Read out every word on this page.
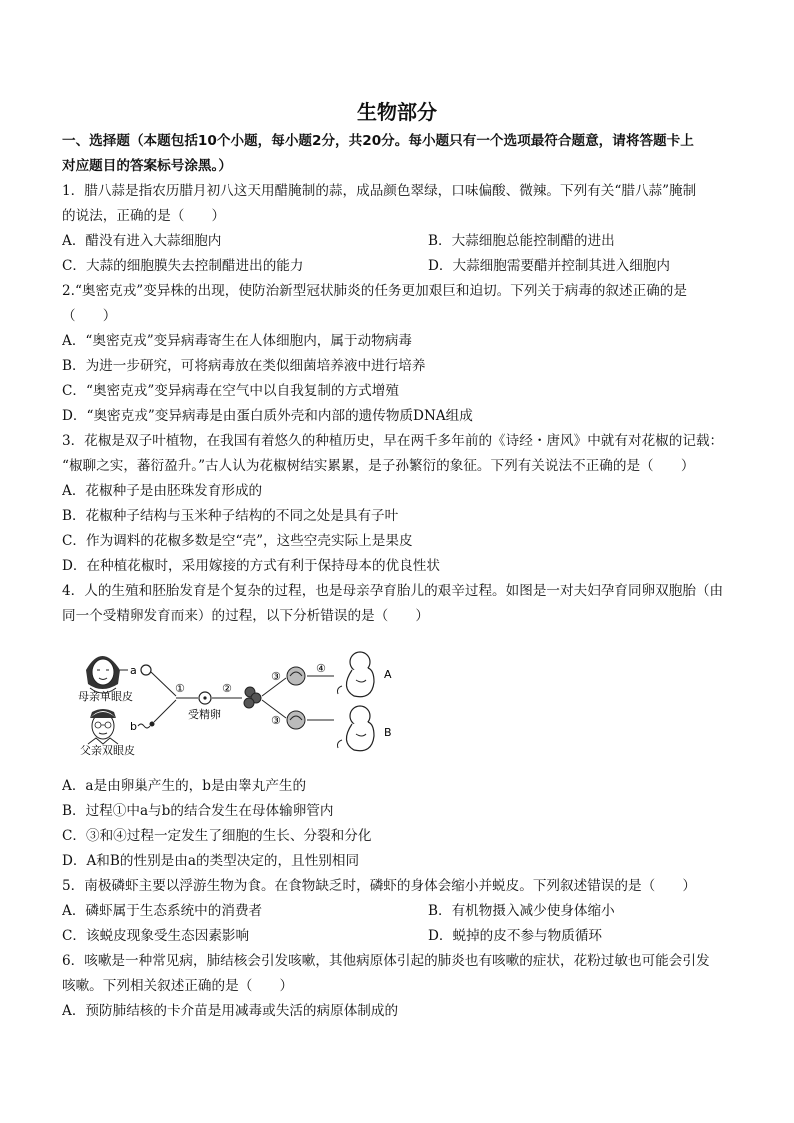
生物部分
一、选择题（本题包括10个小题，每小题2分，共20分。每小题只有一个选项最符合题意，请将答题卡上
对应题目的答案标号涂黑。）
1．腊八蒜是指农历腊月初八这天用醋腌制的蒜，成品颜色翠绿，口味偏酸、微辣。下列有关“腊八蒜”腌制
的说法，正确的是（　　）
A．醋没有进入大蒜细胞内	B．大蒜细胞总能控制醋的进出
C．大蒜的细胞膜失去控制醋进出的能力	D．大蒜细胞需要醋并控制其进入细胞内
2.“奥密克戎”变异株的出现，使防治新型冠状肺炎的任务更加艰巨和迫切。下列关于病毒的叙述正确的是
（　　）
A．“奥密克戎”变异病毒寄生在人体细胞内，属于动物病毒
B．为进一步研究，可将病毒放在类似细菌培养液中进行培养
C．“奥密克戎”变异病毒在空气中以自我复制的方式增殖
D．“奥密克戎”变异病毒是由蛋白质外壳和内部的遗传物质DNA组成
3．花椒是双子叶植物，在我国有着悠久的种植历史，早在两千多年前的《诗经・唐风》中就有对花椒的记载：
“椒聊之实，蕃衍盈升。”古人认为花椒树结实累累，是子孙繁衍的象征。下列有关说法不正确的是（　　）
A．花椒种子是由胚珠发育形成的
B．花椒种子结构与玉米种子结构的不同之处是具有子叶
C．作为调料的花椒多数是空“壳”，这些空壳实际上是果皮
D．在种植花椒时，采用嫁接的方式有利于保持母本的优良性状
4．人的生殖和胚胎发育是个复杂的过程，也是母亲孕育胎儿的艰辛过程。如图是一对夫妇孕育同卵双胞胎（由
同一个受精卵发育而来）的过程，以下分析错误的是（　　）
母亲单眼皮
父亲双眼皮
a
b
①
受精卵
②
③
③
④	A
B
A．a是由卵巢产生的，b是由睾丸产生的
B．过程①中a与b的结合发生在母体输卵管内
C．③和④过程一定发生了细胞的生长、分裂和分化
D．A和B的性别是由a的类型决定的，且性别相同
5．南极磷虾主要以浮游生物为食。在食物缺乏时，磷虾的身体会缩小并蜕皮。下列叙述错误的是（　　）
A．磷虾属于生态系统中的消费者	B．有机物摄入减少使身体缩小
C．该蜕皮现象受生态因素影响	D．蜕掉的皮不参与物质循环
6．咳嗽是一种常见病，肺结核会引发咳嗽，其他病原体引起的肺炎也有咳嗽的症状，花粉过敏也可能会引发
咳嗽。下列相关叙述正确的是（　　）
A．预防肺结核的卡介苗是用减毒或失活的病原体制成的
